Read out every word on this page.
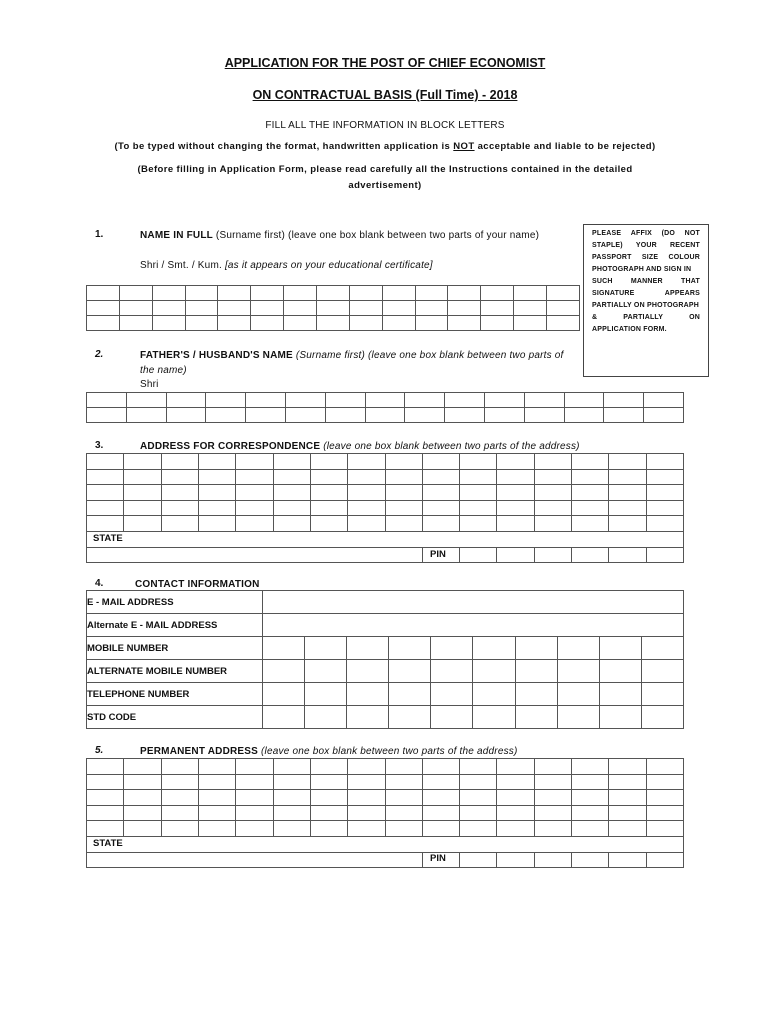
APPLICATION FOR THE POST OF CHIEF ECONOMIST
ON CONTRACTUAL BASIS (Full Time) - 2018
FILL ALL THE INFORMATION IN BLOCK LETTERS
(To be typed without changing the format, handwritten application is NOT acceptable and liable to be rejected)
(Before filling in Application Form, please read carefully all the Instructions contained in the detailed advertisement)
PLEASE AFFIX (DO NOT
STAPLE) YOUR RECENT
PASSPORT SIZE COLOUR
PHOTOGRAPH AND SIGN IN
SUCH	MANNER	THAT
SIGNATURE	APPEARS
PARTIALLY ON PHOTOGRAPH
&	PARTIALLY	ON
APPLICATION FORM.
1.	NAME IN FULL (Surname first) (leave one box blank between two parts of your name)
Shri / Smt. / Kum. [as it appears on your educational certificate]

2.	FATHER'S / HUSBAND'S NAME (Surname first) (leave one box blank between two parts of the name)
Shri

3.	ADDRESS FOR CORRESPONDENCE (leave one box blank between two parts of the address)

STATE
PIN
4.	CONTACT INFORMATION
E - MAIL ADDRESS										
Alternate E - MAIL ADDRESS										
MOBILE NUMBER										
ALTERNATE MOBILE NUMBER										
TELEPHONE NUMBER										
STD CODE										
5.	PERMANENT ADDRESS (leave one box blank between two parts of the address)

STATE
PIN
